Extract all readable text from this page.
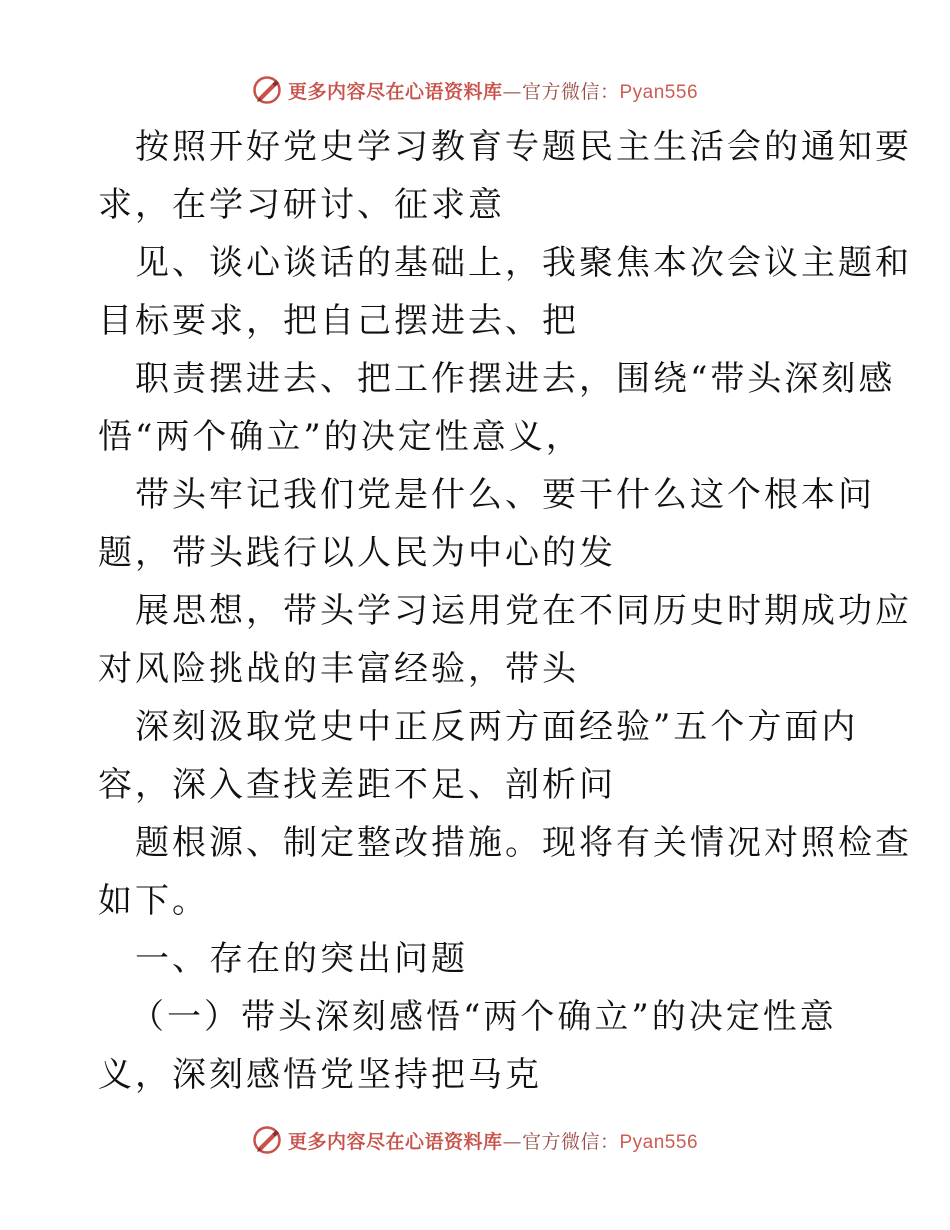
更多内容尽在心语资料库—官方微信：Pyan556
按照开好党史学习教育专题民主生活会的通知要
求，在学习研讨、征求意
见、谈心谈话的基础上，我聚焦本次会议主题和
目标要求，把自己摆进去、把
职责摆进去、把工作摆进去，围绕“带头深刻感
悟“两个确立”的决定性意义，
带头牢记我们党是什么、要干什么这个根本问
题，带头践行以人民为中心的发
展思想，带头学习运用党在不同历史时期成功应
对风险挑战的丰富经验，带头
深刻汲取党史中正反两方面经验”五个方面内
容，深入查找差距不足、剖析问
题根源、制定整改措施。现将有关情况对照检查
如下。
一、存在的突出问题
（一）带头深刻感悟“两个确立”的决定性意
义，深刻感悟党坚持把马克
更多内容尽在心语资料库—官方微信：Pyan556
